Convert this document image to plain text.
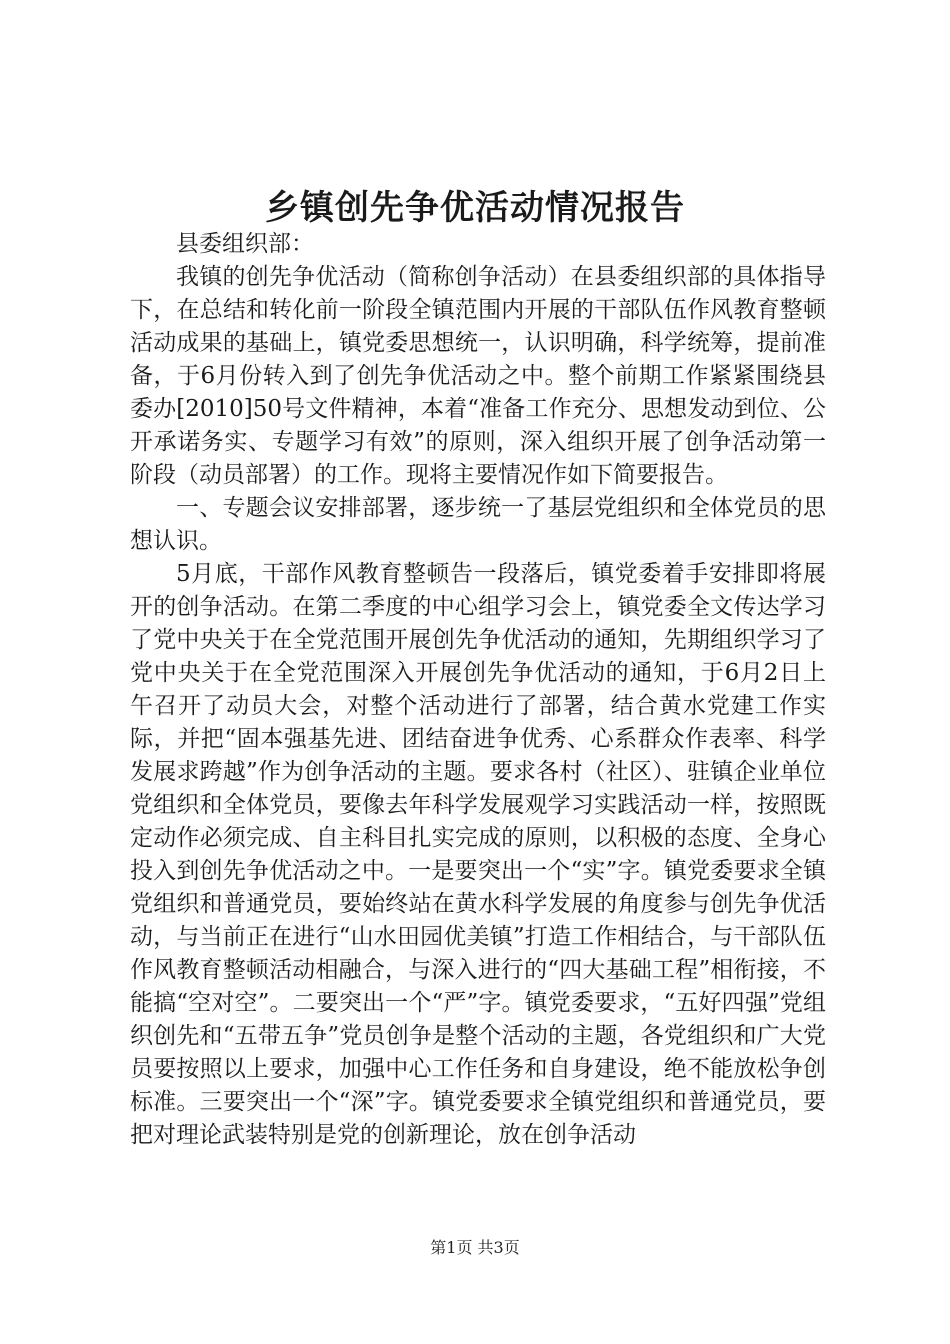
乡镇创先争优活动情况报告

县委组织部：

我镇的创先争优活动（简称创争活动）在县委组织部的具体指导下，在总结和转化前一阶段全镇范围内开展的干部队伍作风教育整顿活动成果的基础上，镇党委思想统一，认识明确，科学统筹，提前准备，于6月份转入到了创先争优活动之中。整个前期工作紧紧围绕县委办[2010]50号文件精神，本着“准备工作充分、思想发动到位、公开承诺务实、专题学习有效”的原则，深入组织开展了创争活动第一阶段（动员部署）的工作。现将主要情况作如下简要报告。

一、专题会议安排部署，逐步统一了基层党组织和全体党员的思想认识。

5月底，干部作风教育整顿告一段落后，镇党委着手安排即将展开的创争活动。在第二季度的中心组学习会上，镇党委全文传达学习了党中央关于在全党范围开展创先争优活动的通知，先期组织学习了党中央关于在全党范围深入开展创先争优活动的通知，于6月2日上午召开了动员大会，对整个活动进行了部署，结合黄水党建工作实际，并把“固本强基先进、团结奋进争优秀、心系群众作表率、科学发展求跨越”作为创争活动的主题。要求各村（社区）、驻镇企业单位党组织和全体党员，要像去年科学发展观学习实践活动一样，按照既定动作必须完成、自主科目扎实完成的原则，以积极的态度、全身心投入到创先争优活动之中。一是要突出一个“实”字。镇党委要求全镇党组织和普通党员，要始终站在黄水科学发展的角度参与创先争优活动，与当前正在进行“山水田园优美镇”打造工作相结合，与干部队伍作风教育整顿活动相融合，与深入进行的“四大基础工程”相衔接，不能搞“空对空”。二要突出一个“严”字。镇党委要求，“五好四强”党组织创先和“五带五争”党员创争是整个活动的主题，各党组织和广大党员要按照以上要求，加强中心工作任务和自身建设，绝不能放松争创标准。三要突出一个“深”字。镇党委要求全镇党组织和普通党员，要把对理论武装特别是党的创新理论，放在创争活动

第1页 共3页
